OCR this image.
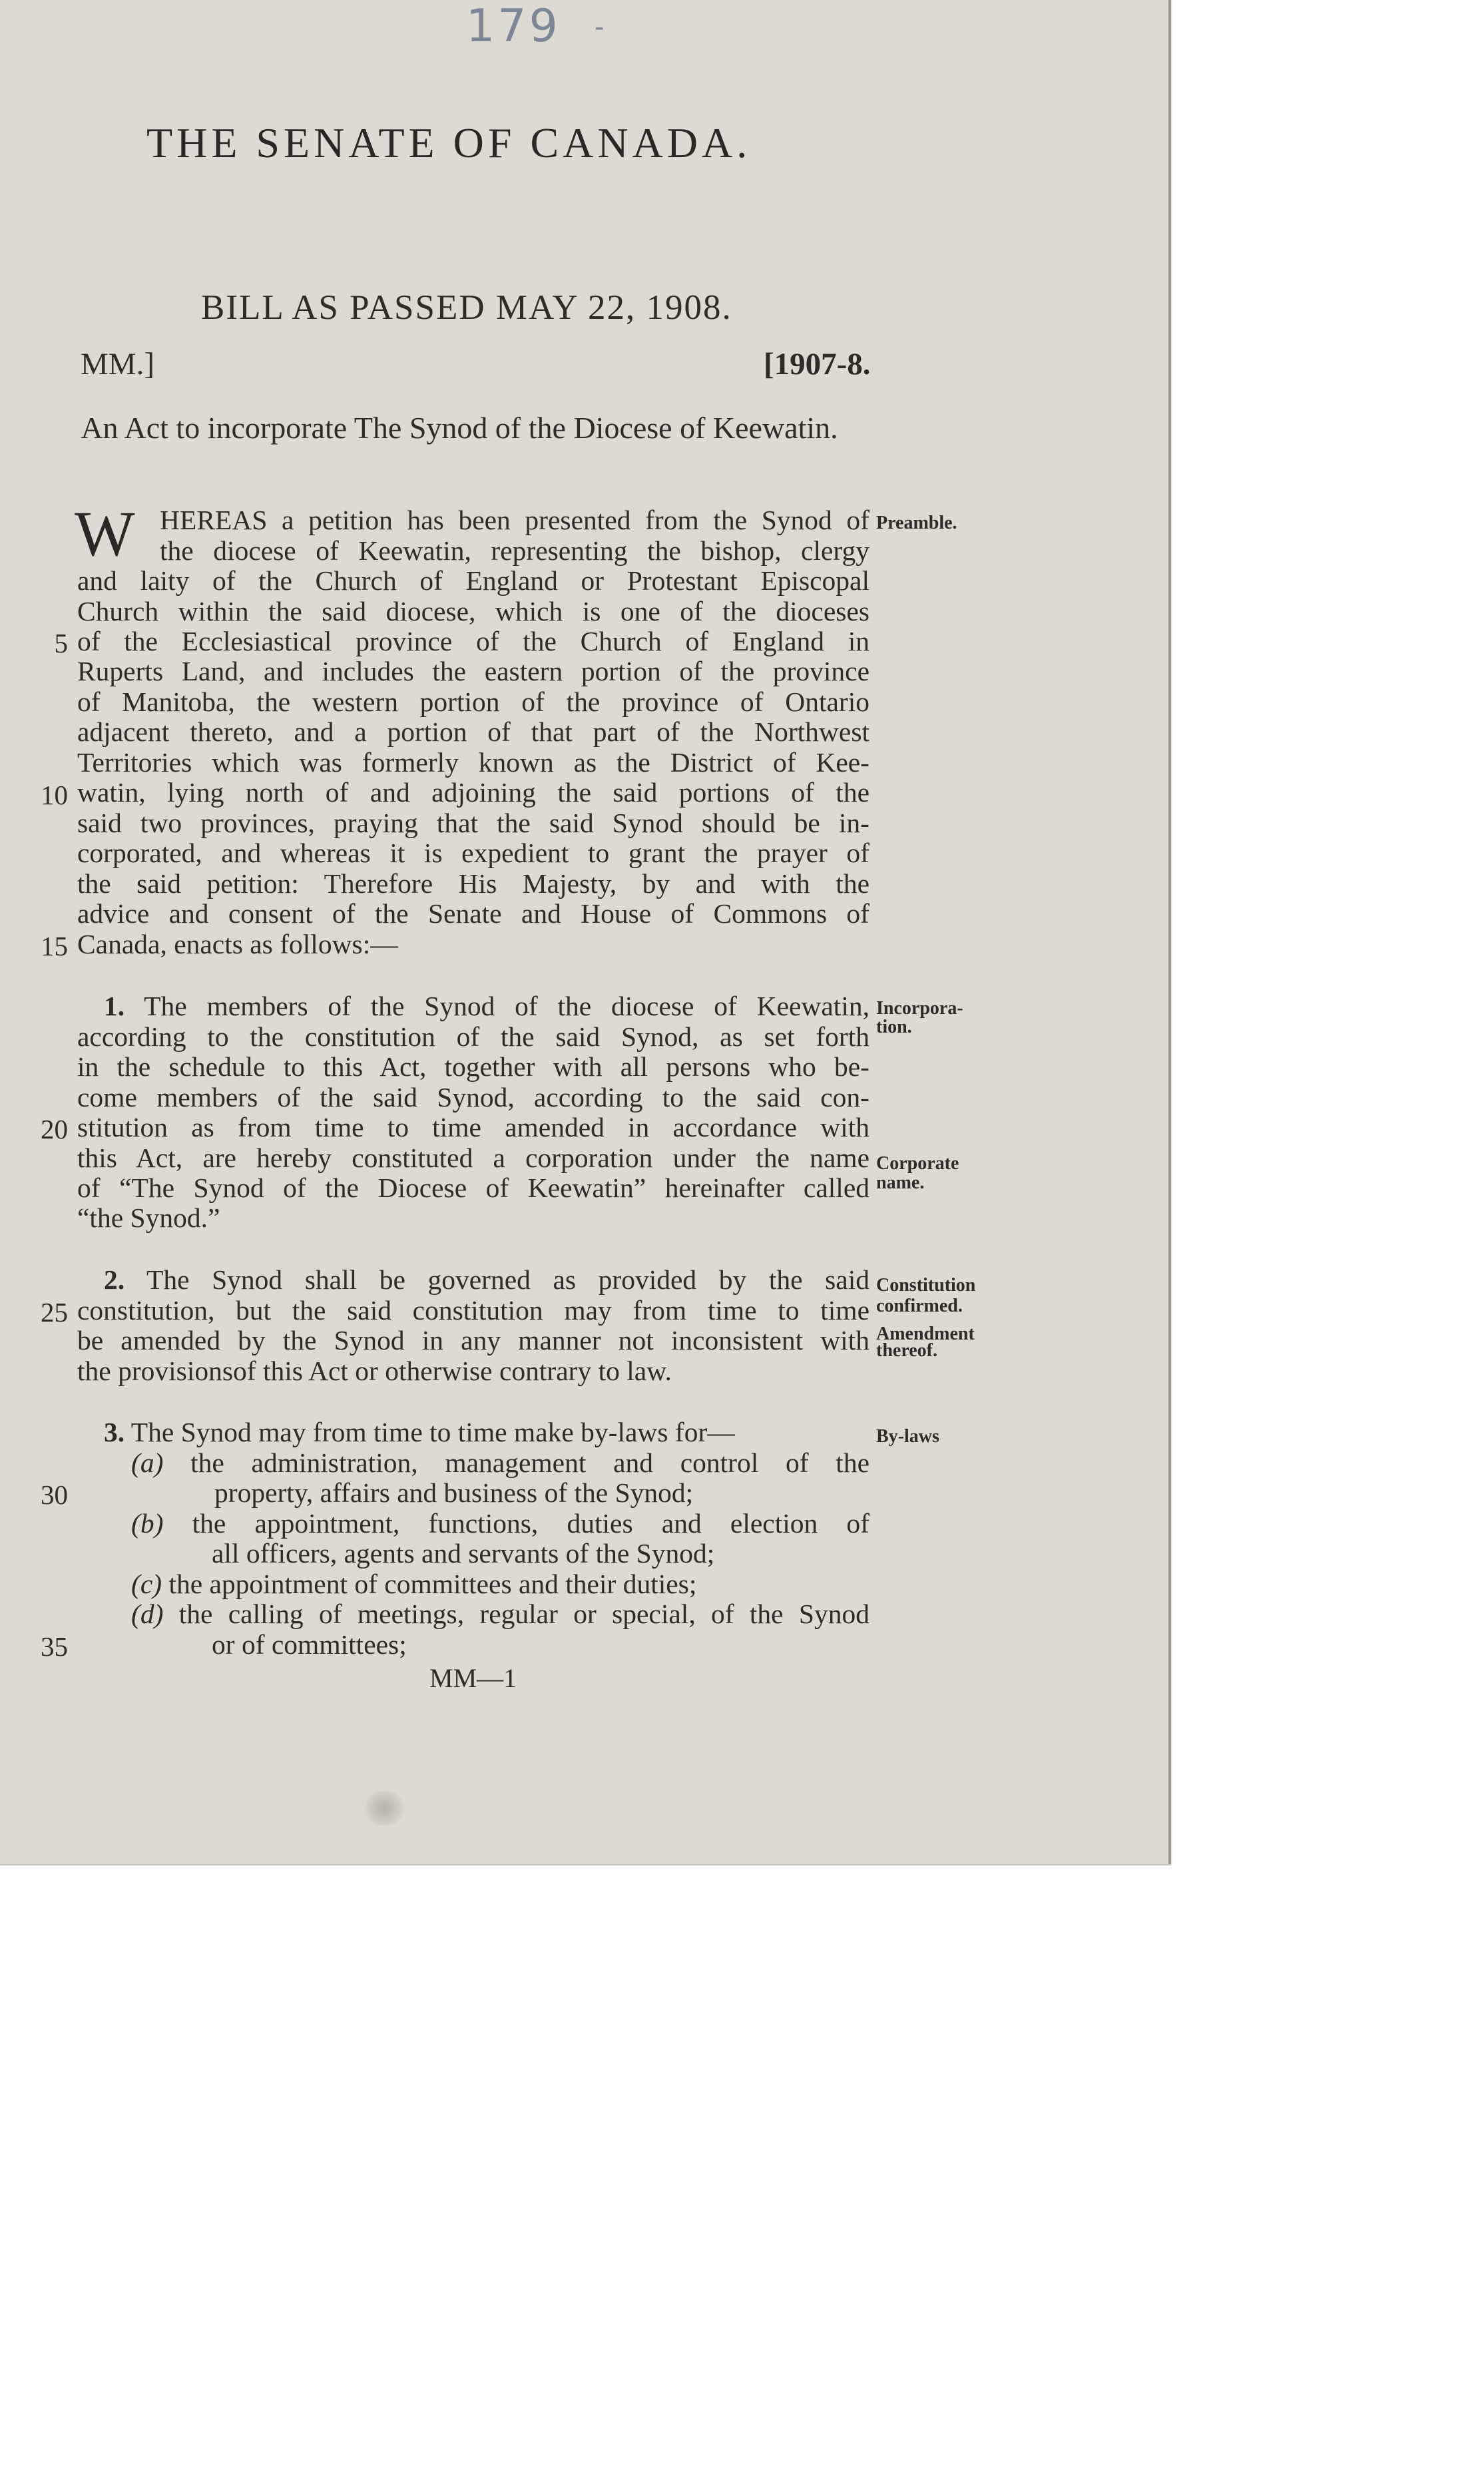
179 -
THE SENATE OF CANADA.
BILL AS PASSED MAY 22, 1908.
MM.]	[1907-8.
An Act to incorporate The Synod of the Diocese of Keewatin.
W HEREAS a petition has been presented from the Synod of
the diocese of Keewatin, representing the bishop, clergy
and laity of the Church of England or Protestant Episcopal
Church within the said diocese, which is one of the dioceses
of the Ecclesiastical province of the Church of England in
Ruperts Land, and includes the eastern portion of the province
of Manitoba, the western portion of the province of Ontario
adjacent thereto, and a portion of that part of the Northwest
Territories which was formerly known as the District of Kee-
watin, lying north of and adjoining the said portions of the
said two provinces, praying that the said Synod should be in-
corporated, and whereas it is expedient to grant the prayer of
the said petition: Therefore His Majesty, by and with the
advice and consent of the Senate and House of Commons of
Canada, enacts as follows:—
1. The members of the Synod of the diocese of Keewatin,
according to the constitution of the said Synod, as set forth
in the schedule to this Act, together with all persons who be-
come members of the said Synod, according to the said con-
stitution as from time to time amended in accordance with
this Act, are hereby constituted a corporation under the name
of “The Synod of the Diocese of Keewatin” hereinafter called
“the Synod.”
2. The Synod shall be governed as provided by the said
constitution, but the said constitution may from time to time
be amended by the Synod in any manner not inconsistent with
the provisionsof this Act or otherwise contrary to law.
3. The Synod may from time to time make by-laws for—
(a) the administration, management and control of the
property, affairs and business of the Synod;
(b) the appointment, functions, duties and election of
all officers, agents and servants of the Synod;
(c) the appointment of committees and their duties;
(d) the calling of meetings, regular or special, of the Synod
or of committees;
5
10
15
20
25
30
35
Preamble.
Incorpora-
tion.
Corporate
name.
Constitution
confirmed.
Amendment
thereof.
By-laws
MM—1
